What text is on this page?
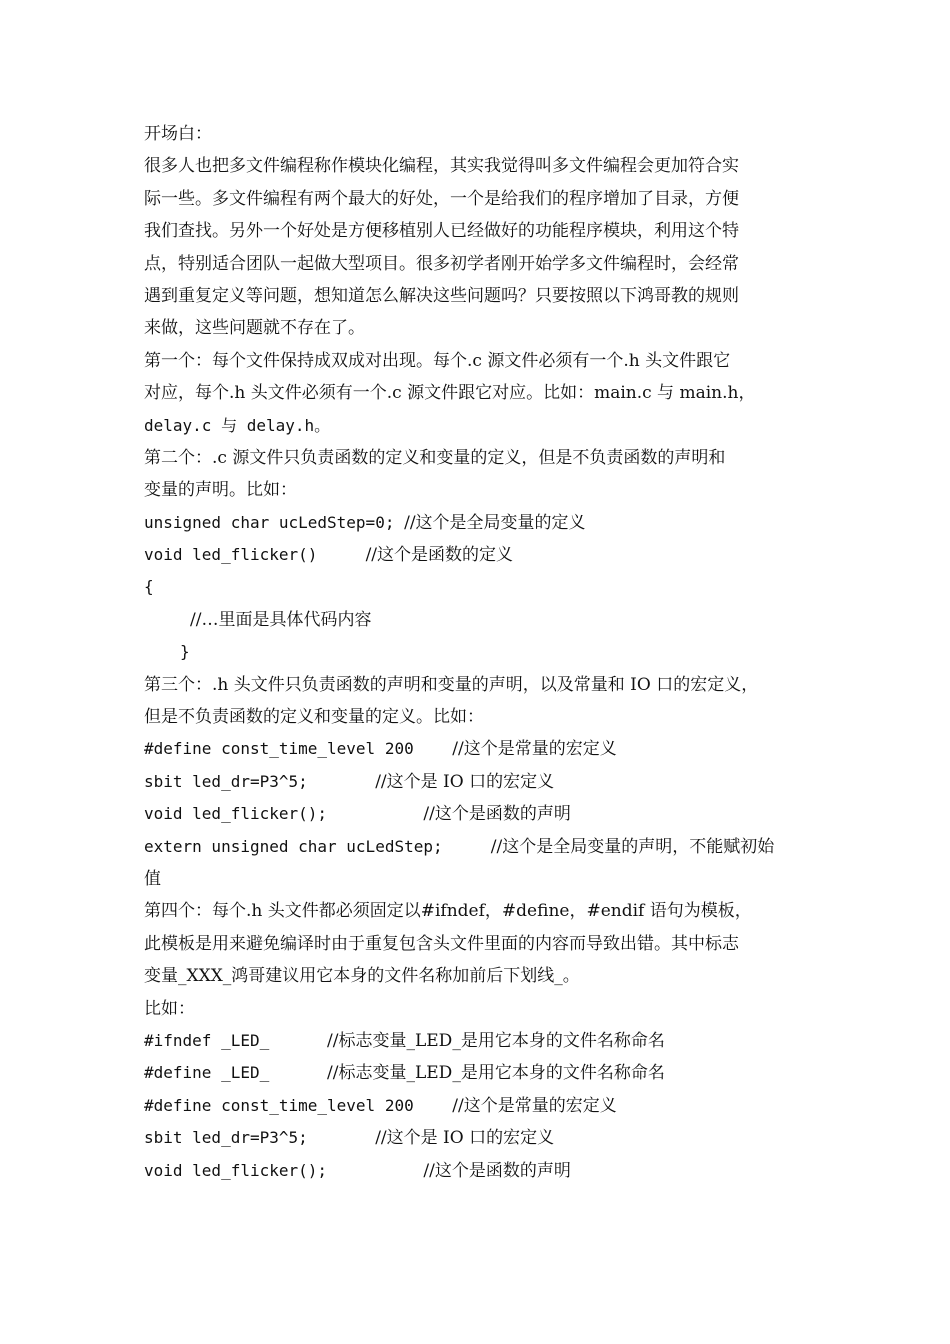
开场白：
很多人也把多文件编程称作模块化编程，其实我觉得叫多文件编程会更加符合实
际一些。多文件编程有两个最大的好处，一个是给我们的程序增加了目录，方便
我们查找。另外一个好处是方便移植别人已经做好的功能程序模块，利用这个特
点，特别适合团队一起做大型项目。很多初学者刚开始学多文件编程时，会经常
遇到重复定义等问题，想知道怎么解决这些问题吗？只要按照以下鸿哥教的规则
来做，这些问题就不存在了。
第一个：每个文件保持成双成对出现。每个.c 源文件必须有一个.h 头文件跟它
对应，每个.h 头文件必须有一个.c 源文件跟它对应。比如：main.c 与 main.h，
delay.c 与 delay.h。
第二个：.c 源文件只负责函数的定义和变量的定义，但是不负责函数的声明和
变量的声明。比如：
unsigned char ucLedStep=0; //这个是全局变量的定义
void led_flicker()     //这个是函数的定义
{
//…里面是具体代码内容
}
第三个：.h 头文件只负责函数的声明和变量的声明，以及常量和 IO 口的宏定义，
但是不负责函数的定义和变量的定义。比如：
#define const_time_level 200    //这个是常量的宏定义
sbit led_dr=P3^5;       //这个是 IO 口的宏定义
void led_flicker();          //这个是函数的声明
extern unsigned char ucLedStep;     //这个是全局变量的声明，不能赋初始
值
第四个：每个.h 头文件都必须固定以#ifndef，#define，#endif 语句为模板，
此模板是用来避免编译时由于重复包含头文件里面的内容而导致出错。其中标志
变量_XXX_鸿哥建议用它本身的文件名称加前后下划线_。
比如：
#ifndef _LED_      //标志变量_LED_是用它本身的文件名称命名
#define _LED_      //标志变量_LED_是用它本身的文件名称命名
#define const_time_level 200    //这个是常量的宏定义
sbit led_dr=P3^5;       //这个是 IO 口的宏定义
void led_flicker();          //这个是函数的声明
